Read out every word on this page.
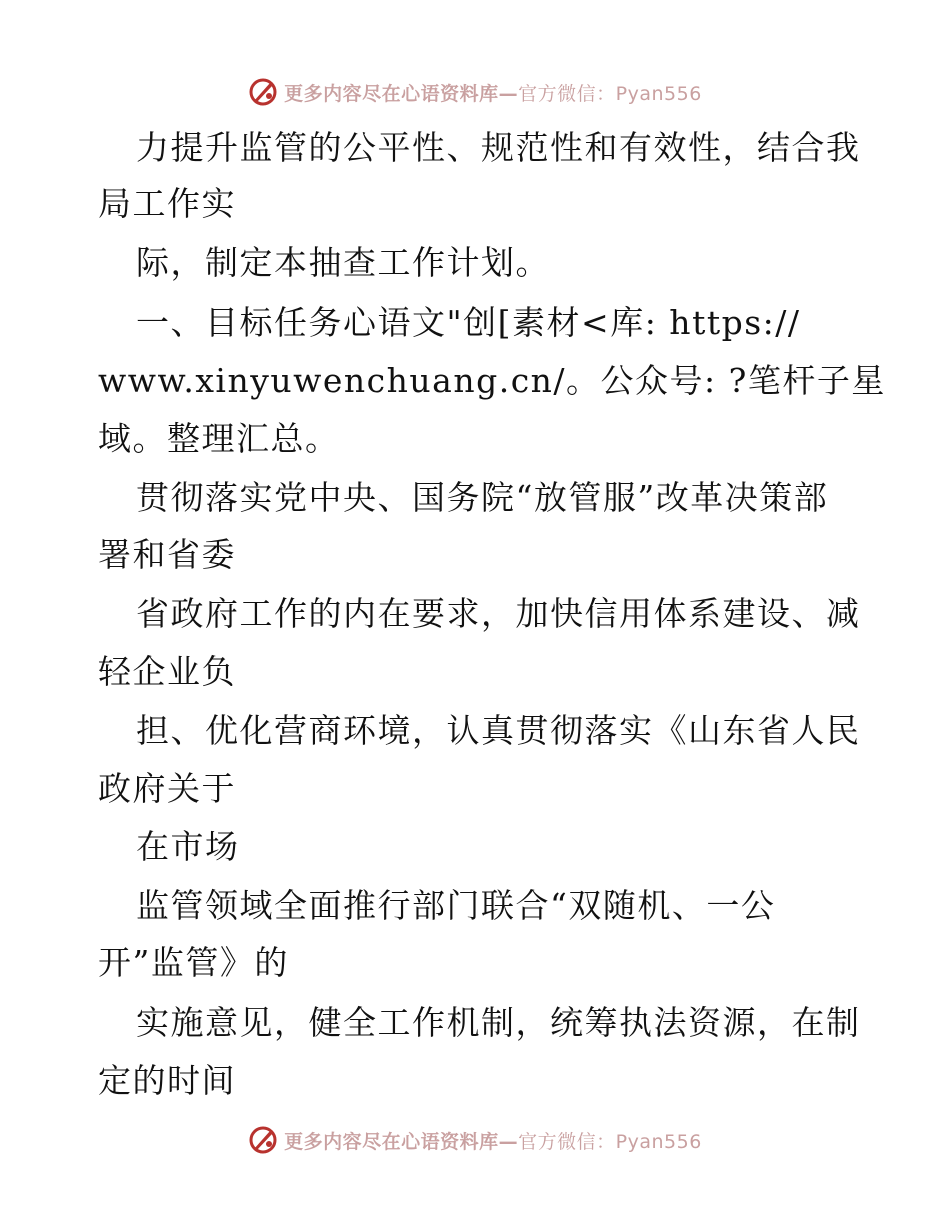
更多内容尽在心语资料库—官方微信：Pyan556
力提升监管的公平性、规范性和有效性，结合我
局工作实
际，制定本抽查工作计划。
一、目标任务心语文"创[素材<库: https://
www.xinyuwenchuang.cn/。公众号: ?笔杆子星
域。整理汇总。
贯彻落实党中央、国务院“放管服”改革决策部
署和省委
省政府工作的内在要求，加快信用体系建设、减
轻企业负
担、优化营商环境，认真贯彻落实《山东省人民
政府关于
在市场
监管领域全面推行部门联合“双随机、一公
开”监管》的
实施意见，健全工作机制，统筹执法资源，在制
定的时间
更多内容尽在心语资料库—官方微信：Pyan556
